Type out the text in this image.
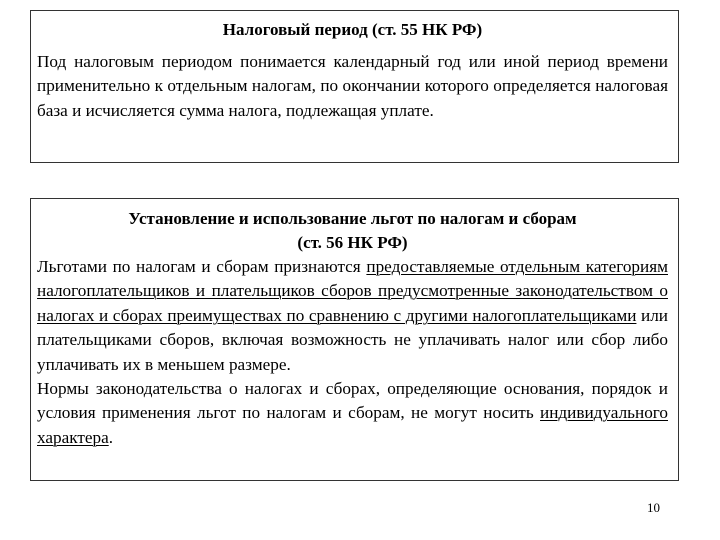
Налоговый период (ст. 55 НК РФ)
Под налоговым периодом понимается календарный год или иной период времени применительно к отдельным налогам, по окончании которого определяется налоговая база и исчисляется сумма налога, подлежащая уплате.
Установление и использование льгот по налогам и сборам
(ст. 56 НК РФ)
Льготами по налогам и сборам признаются предоставляемые отдельным категориям налогоплательщиков и плательщиков сборов предусмотренные законодательством о налогах и сборах преимуществах по сравнению с другими налогоплательщиками или плательщиками сборов, включая возможность не уплачивать налог или сбор либо уплачивать их в меньшем размере.
Нормы законодательства о налогах и сборах, определяющие основания, порядок и условия применения льгот по налогам и сборам, не могут носить индивидуального характера.
10
